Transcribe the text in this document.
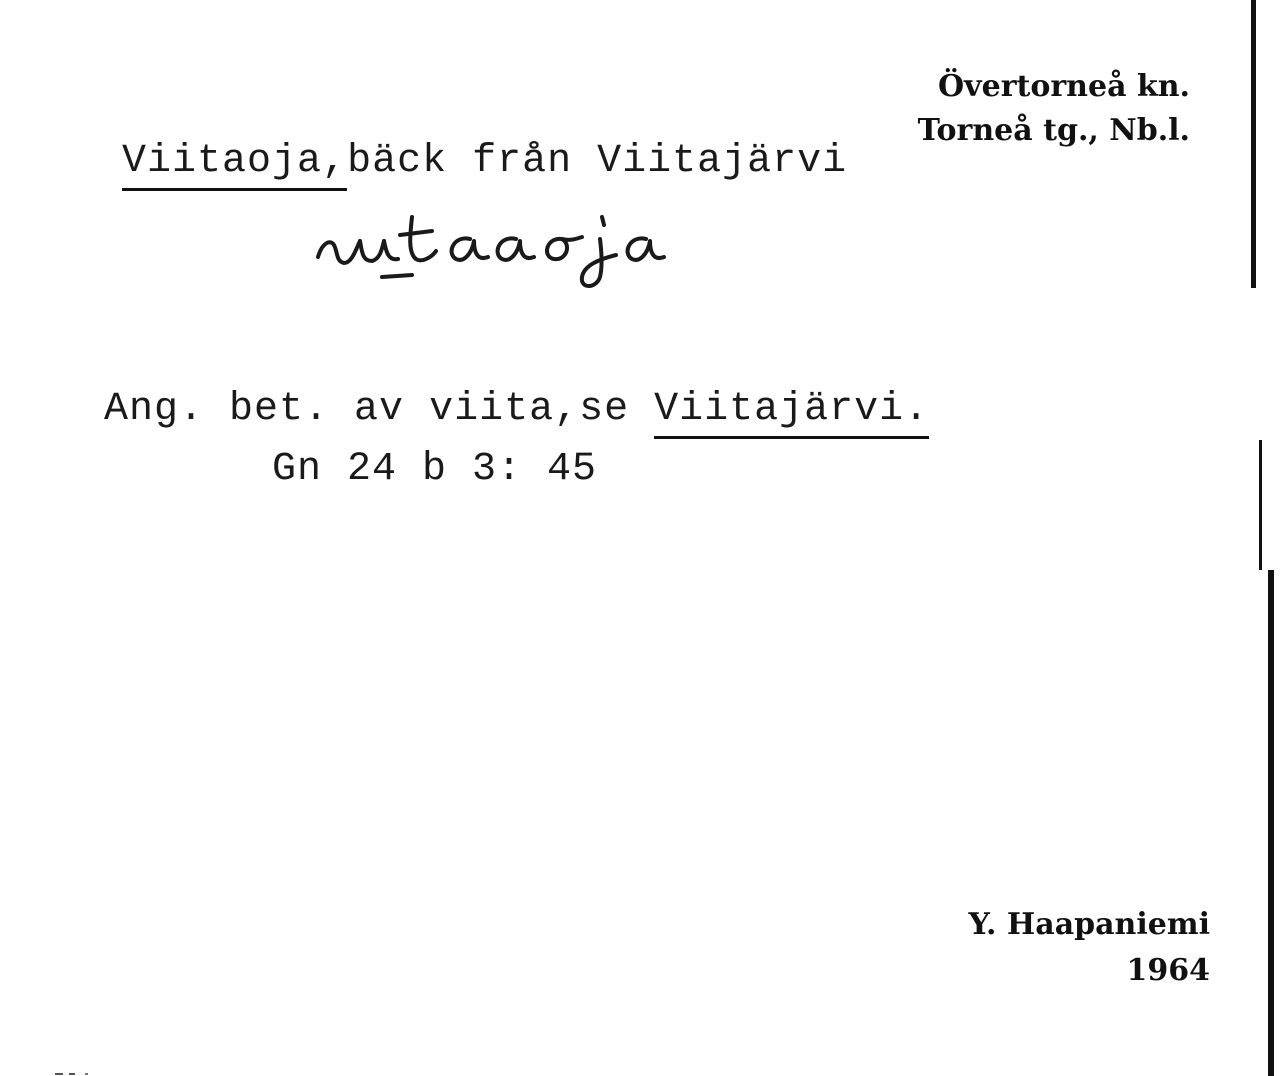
Viitaoja,bäck från Viitajärvi

Övertorneå kn.
Torneå tg., Nb.l.

Ang. bet. av viita,se Viitajärvi.

Gn 24 b 3: 45
Y. Haapaniemi
1964
